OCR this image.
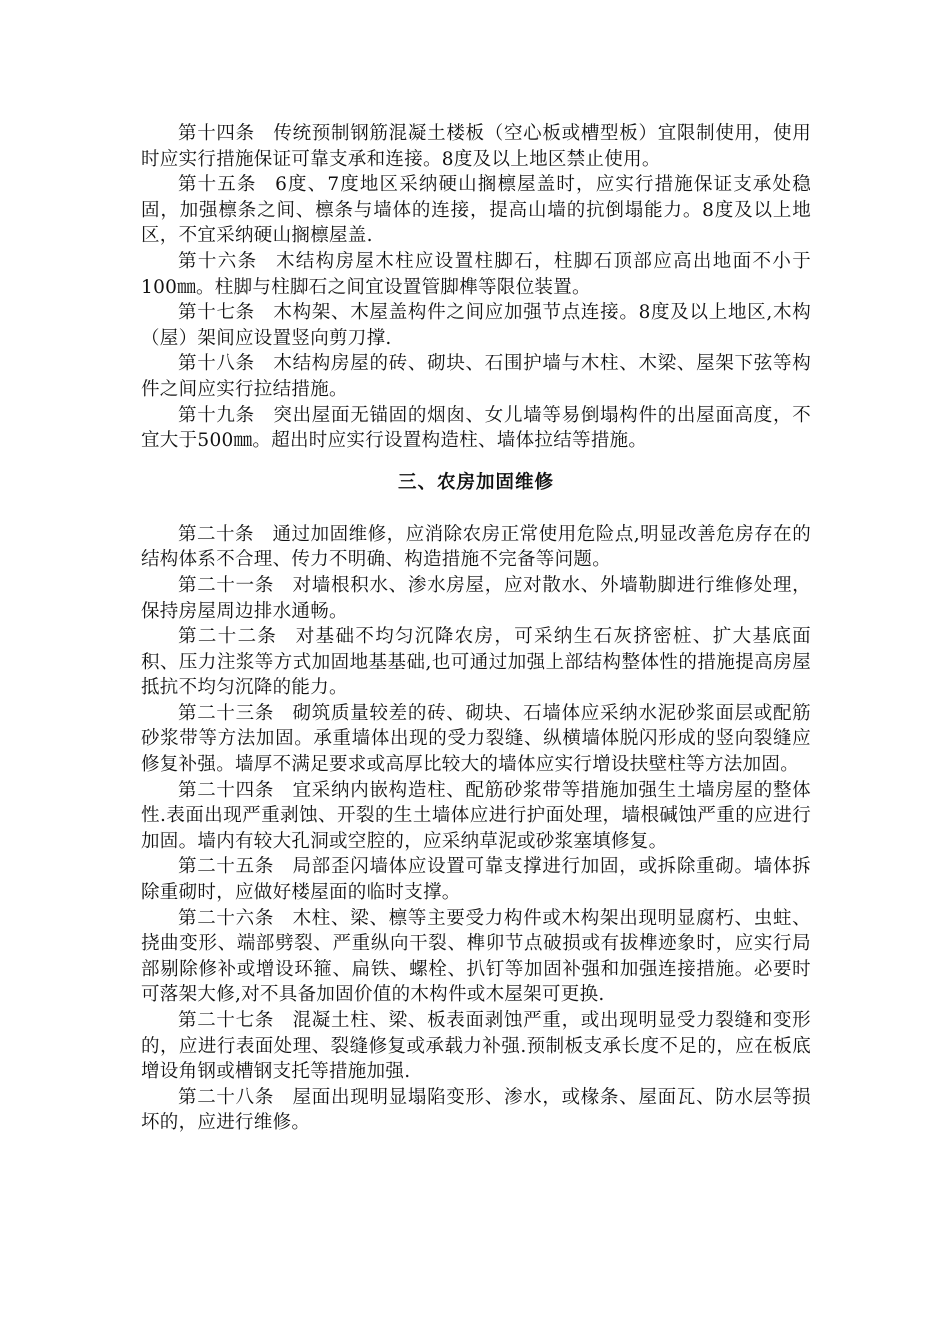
第十四条 传统预制钢筋混凝土楼板（空心板或槽型板）宜限制使用，使用时应实行措施保证可靠支承和连接。8度及以上地区禁止使用。

第十五条 6度、7度地区采纳硬山搁檩屋盖时，应实行措施保证支承处稳固，加强檩条之间、檩条与墙体的连接，提高山墙的抗倒塌能力。8度及以上地区，不宜采纳硬山搁檩屋盖.

第十六条 木结构房屋木柱应设置柱脚石，柱脚石顶部应高出地面不小于100㎜。柱脚与柱脚石之间宜设置管脚榫等限位装置。

第十七条 木构架、木屋盖构件之间应加强节点连接。8度及以上地区,木构（屋）架间应设置竖向剪刀撑.

第十八条 木结构房屋的砖、砌块、石围护墙与木柱、木梁、屋架下弦等构件之间应实行拉结措施。

第十九条 突出屋面无锚固的烟囱、女儿墙等易倒塌构件的出屋面高度，不宜大于500㎜。超出时应实行设置构造柱、墙体拉结等措施。

三、农房加固维修

第二十条 通过加固维修，应消除农房正常使用危险点,明显改善危房存在的结构体系不合理、传力不明确、构造措施不完备等问题。

第二十一条 对墙根积水、渗水房屋，应对散水、外墙勒脚进行维修处理，保持房屋周边排水通畅。

第二十二条 对基础不均匀沉降农房，可采纳生石灰挤密桩、扩大基底面积、压力注浆等方式加固地基基础,也可通过加强上部结构整体性的措施提高房屋抵抗不均匀沉降的能力。

第二十三条 砌筑质量较差的砖、砌块、石墙体应采纳水泥砂浆面层或配筋砂浆带等方法加固。承重墙体出现的受力裂缝、纵横墙体脱闪形成的竖向裂缝应修复补强。墙厚不满足要求或高厚比较大的墙体应实行增设扶壁柱等方法加固。

第二十四条 宜采纳内嵌构造柱、配筋砂浆带等措施加强生土墙房屋的整体性.表面出现严重剥蚀、开裂的生土墙体应进行护面处理，墙根碱蚀严重的应进行加固。墙内有较大孔洞或空腔的，应采纳草泥或砂浆塞填修复。

第二十五条 局部歪闪墙体应设置可靠支撑进行加固，或拆除重砌。墙体拆除重砌时，应做好楼屋面的临时支撑。

第二十六条 木柱、梁、檩等主要受力构件或木构架出现明显腐朽、虫蛀、挠曲变形、端部劈裂、严重纵向干裂、榫卯节点破损或有拔榫迹象时，应实行局部剔除修补或增设环箍、扁铁、螺栓、扒钉等加固补强和加强连接措施。必要时可落架大修,对不具备加固价值的木构件或木屋架可更换.

第二十七条 混凝土柱、梁、板表面剥蚀严重，或出现明显受力裂缝和变形的，应进行表面处理、裂缝修复或承载力补强.预制板支承长度不足的，应在板底增设角钢或槽钢支托等措施加强.

第二十八条 屋面出现明显塌陷变形、渗水，或椽条、屋面瓦、防水层等损坏的，应进行维修。
